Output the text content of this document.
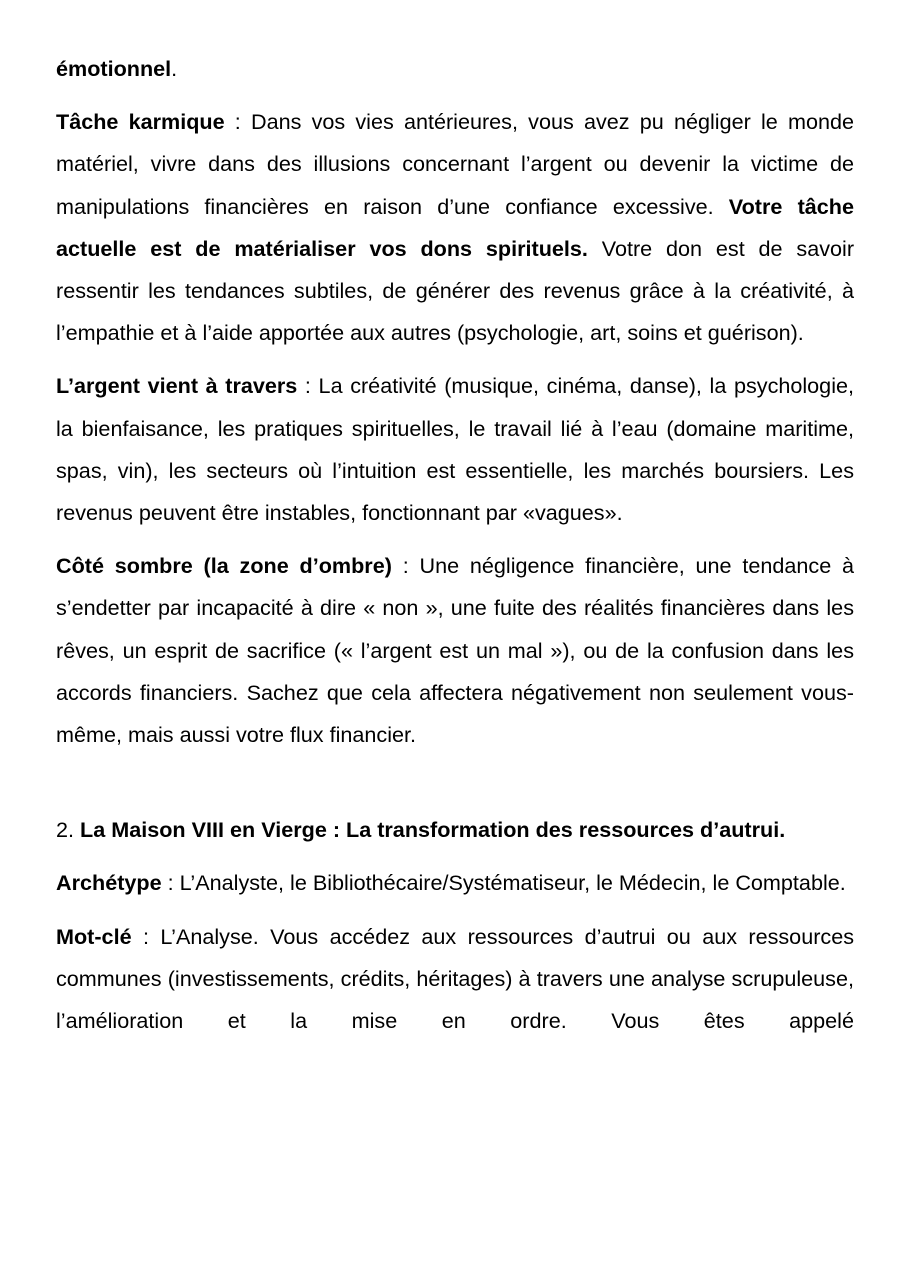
émotionnel.

Tâche karmique : Dans vos vies antérieures, vous avez pu négliger le monde matériel, vivre dans des illusions concernant l’argent ou devenir la victime de manipulations financières en raison d’une confiance excessive. Votre tâche actuelle est de matérialiser vos dons spirituels. Votre don est de savoir ressentir les tendances subtiles, de générer des revenus grâce à la créativité, à l’empathie et à l’aide apportée aux autres (psychologie, art, soins et guérison).

L’argent vient à travers : La créativité (musique, cinéma, danse), la psychologie, la bienfaisance, les pratiques spirituelles, le travail lié à l’eau (domaine maritime, spas, vin), les secteurs où l’intuition est essentielle, les marchés boursiers. Les revenus peuvent être instables, fonctionnant par «vagues».

Côté sombre (la zone d’ombre) : Une négligence financière, une tendance à s’endetter par incapacité à dire « non », une fuite des réalités financières dans les rêves, un esprit de sacrifice (« l’argent est un mal »), ou de la confusion dans les accords financiers. Sachez que cela affectera négativement non seulement vous-même, mais aussi votre flux financier.

2. La Maison VIII en Vierge : La transformation des ressources d’autrui.

Archétype : L’Analyste, le Bibliothécaire/Systématiseur, le Médecin, le Comptable.

Mot-clé : L’Analyse. Vous accédez aux ressources d’autrui ou aux ressources communes (investissements, crédits, héritages) à travers une analyse scrupuleuse, l’amélioration et la mise en ordre. Vous êtes appelé
